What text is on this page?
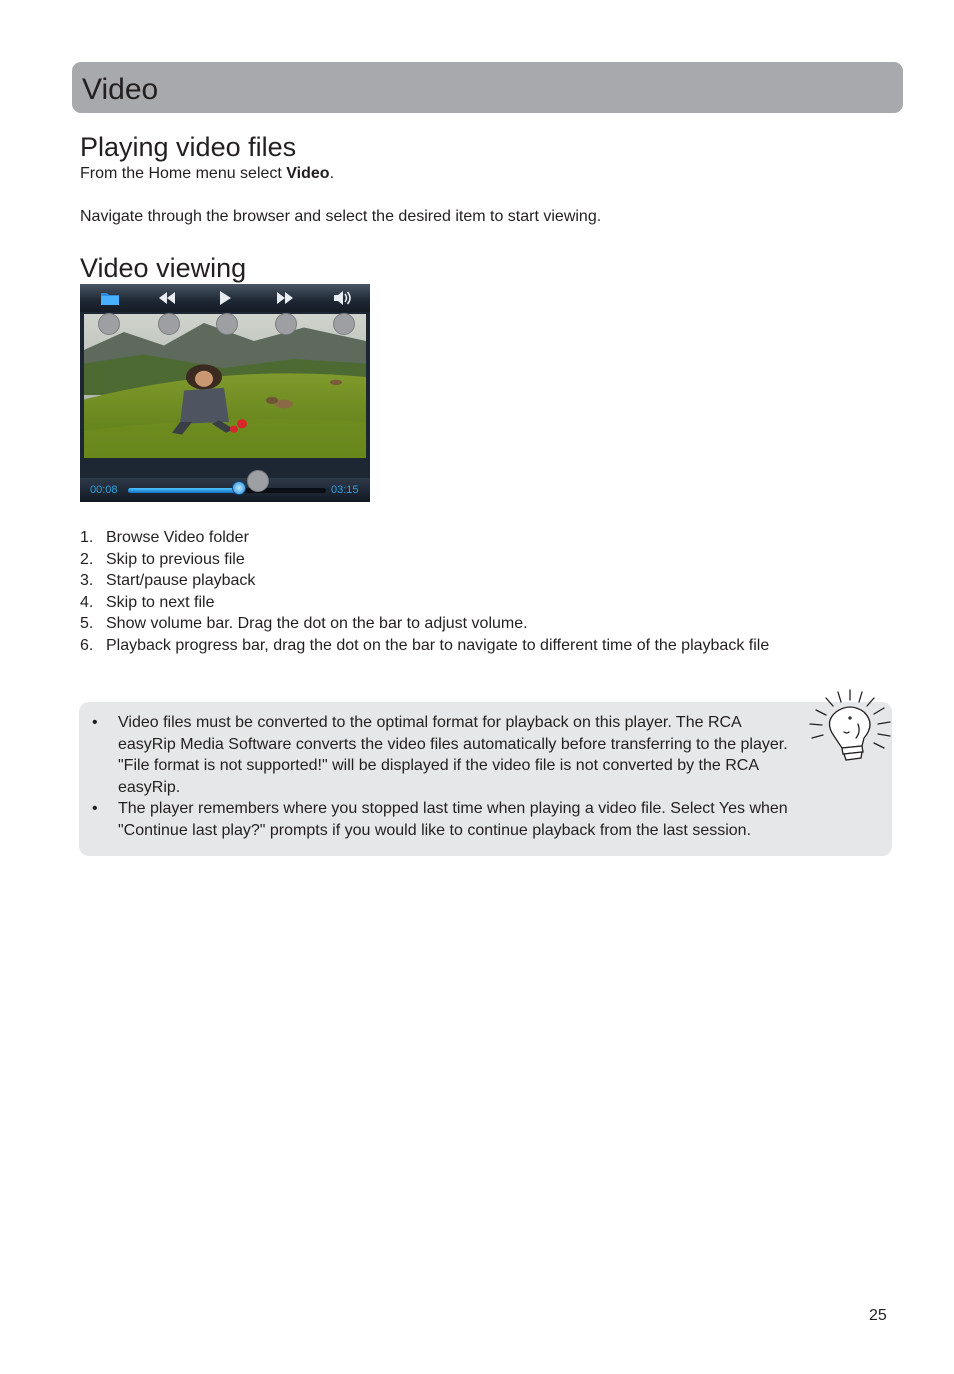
Video
Playing video files
From the Home menu select Video.
Navigate through the browser and select the desired item to start viewing.
Video viewing
00:08	03:15
1. Browse Video folder
2. Skip to previous file
3. Start/pause playback
4. Skip to next file
5. Show volume bar. Drag the dot on the bar to adjust volume.
6. Playback progress bar, drag the dot on the bar to navigate to different time of the playback file
• Video files must be converted to the optimal format for playback on this player. The RCA easyRip Media Software converts the video files automatically before transferring to the player. "File format is not supported!" will be displayed if the video file is not converted by the RCA easyRip.
• The player remembers where you stopped last time when playing a video file. Select Yes when "Continue last play?" prompts if you would like to continue playback from the last session.
25
